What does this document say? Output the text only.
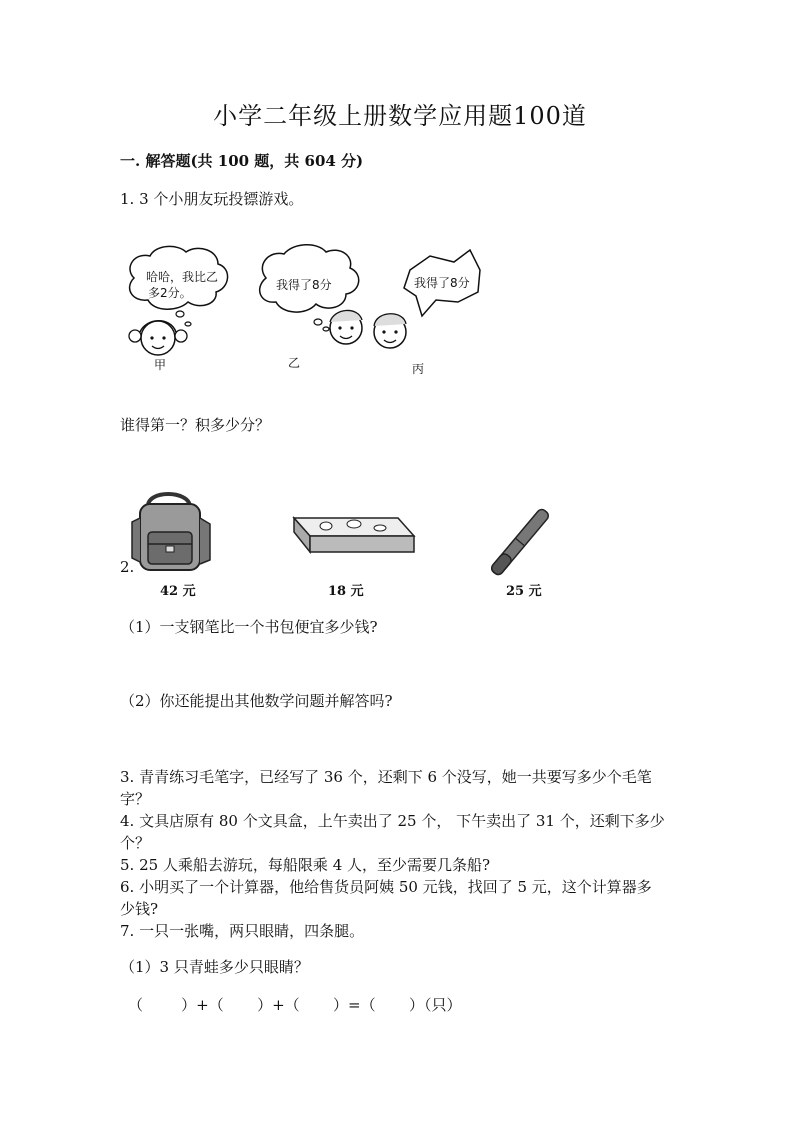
小学二年级上册数学应用题100道
一. 解答题(共 100 题，共 604 分)
1. 3 个小朋友玩投镖游戏。
哈哈，我比乙
多2分。
我得了8分	我得了8分
甲	乙	丙
谁得第一？积多少分？
42 元	18 元	25 元
2.
（1）一支钢笔比一个书包便宜多少钱?
（2）你还能提出其他数学问题并解答吗?
3. 青青练习毛笔字，已经写了 36 个，还剩下 6 个没写，她一共要写多少个毛笔
字？
4. 文具店原有 80 个文具盒，上午卖出了 25 个， 下午卖出了 31 个，还剩下多少
个？
5. 25 人乘船去游玩，每船限乘 4 人，至少需要几条船?
6. 小明买了一个计算器，他给售货员阿姨 50 元钱，找回了 5 元，这个计算器多
少钱?
7. 一只一张嘴，两只眼睛，四条腿。
（1）3 只青蛙多少只眼睛？
（        ）+（       ）+（       ）=（       ）（只）
